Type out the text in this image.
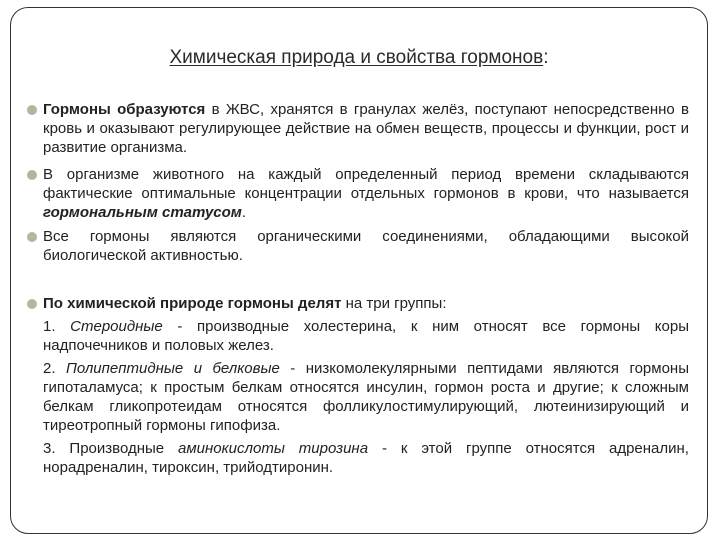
Химическая природа и свойства гормонов:
Гормоны образуются в ЖВС, хранятся в гранулах желёз, поступают непосредственно в кровь и оказывают регулирующее действие на обмен веществ, процессы и функции, рост и развитие организма.
В организме животного на каждый определенный период времени складываются фактические оптимальные концентрации отдельных гормонов в крови, что называется гормональным статусом.
Все гормоны являются органическими соединениями, обладающими высокой биологической активностью.
По химической природе гормоны делят на три группы:
1. Стероидные - производные холестерина, к ним относят все гормоны коры надпочечников и половых желез.
2. Полипептидные и белковые - низкомолекулярными пептидами являются гормоны гипоталамуса; к простым белкам относятся инсулин, гормон роста и другие; к сложным белкам гликопротеидам относятся фолликулостимулирующий, лютеинизирующий и тиреотропный гормоны гипофиза.
3. Производные аминокислоты тирозина - к этой группе относятся адреналин, норадреналин, тироксин, трийодтиронин.
